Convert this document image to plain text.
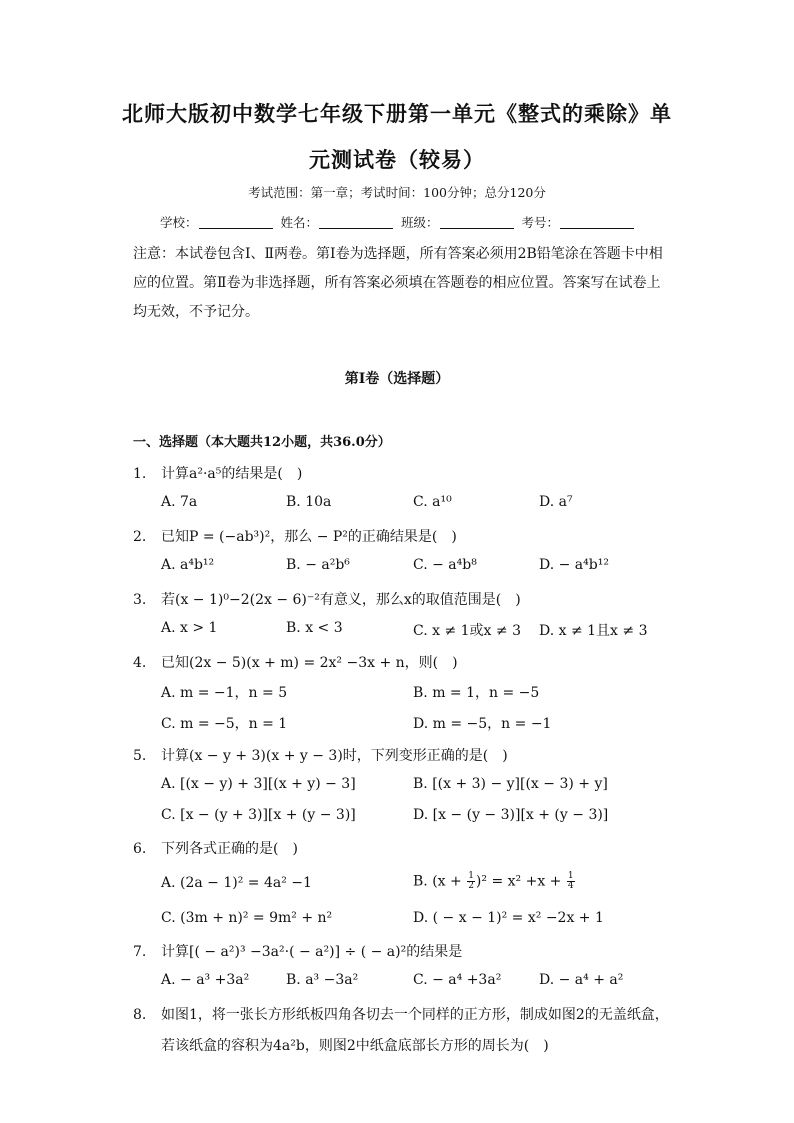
北师大版初中数学七年级下册第一单元《整式的乘除》单
元测试卷（较易）
考试范围：第一章；考试时间：100分钟；总分120分
学校：	姓名：	班级：	考号：
注意：本试卷包含Ⅰ、Ⅱ两卷。第Ⅰ卷为选择题，所有答案必须用2B铅笔涂在答题卡中相应的位置。第Ⅱ卷为非选择题，所有答案必须填在答题卷的相应位置。答案写在试卷上均无效，不予记分。
第Ⅰ卷（选择题）
一、选择题（本大题共12小题，共36.0分）
1. 计算a²·a⁵的结果是(　)
A. 7a	B. 10a	C. a¹⁰	D. a⁷
2. 已知P = (−ab³)²，那么 − P²的正确结果是(　)
A. a⁴b¹²	B. − a²b⁶	C. − a⁴b⁸	D. − a⁴b¹²
3. 若(x − 1)⁰−2(2x − 6)⁻²有意义，那么x的取值范围是(　)
A. x > 1	B. x < 3	C. x ≠ 1或x ≠ 3 D. x ≠ 1且x ≠ 3
4. 已知(2x − 5)(x + m) = 2x² −3x + n，则(　)
A. m = −1，n = 5	B. m = 1，n = −5
C. m = −5，n = 1	D. m = −5，n = −1
5. 计算(x − y + 3)(x + y − 3)时，下列变形正确的是(　)
A. [(x − y) + 3][(x + y) − 3]	B. [(x + 3) − y][(x − 3) + y]
C. [x − (y + 3)][x + (y − 3)]	D. [x − (y − 3)][x + (y − 3)]
6. 下列各式正确的是(　)
A. (2a − 1)² = 4a² −1	B. $(x + \frac{1}{2} )^2 = x^2 +x + \frac{1}{4}$
C. (3m + n)² = 9m² + n²	D. ( − x − 1)² = x² −2x + 1
7. 计算[( − a²)³ −3a²·( − a²)] ÷ ( − a)²的结果是
A. − a³ +3a²	B. a³ −3a²	C. − a⁴ +3a²	D. − a⁴ + a²
8. 如图1，将一张长方形纸板四角各切去一个同样的正方形，制成如图2的无盖纸盒，
若该纸盒的容积为4a²b，则图2中纸盒底部长方形的周长为(　)
